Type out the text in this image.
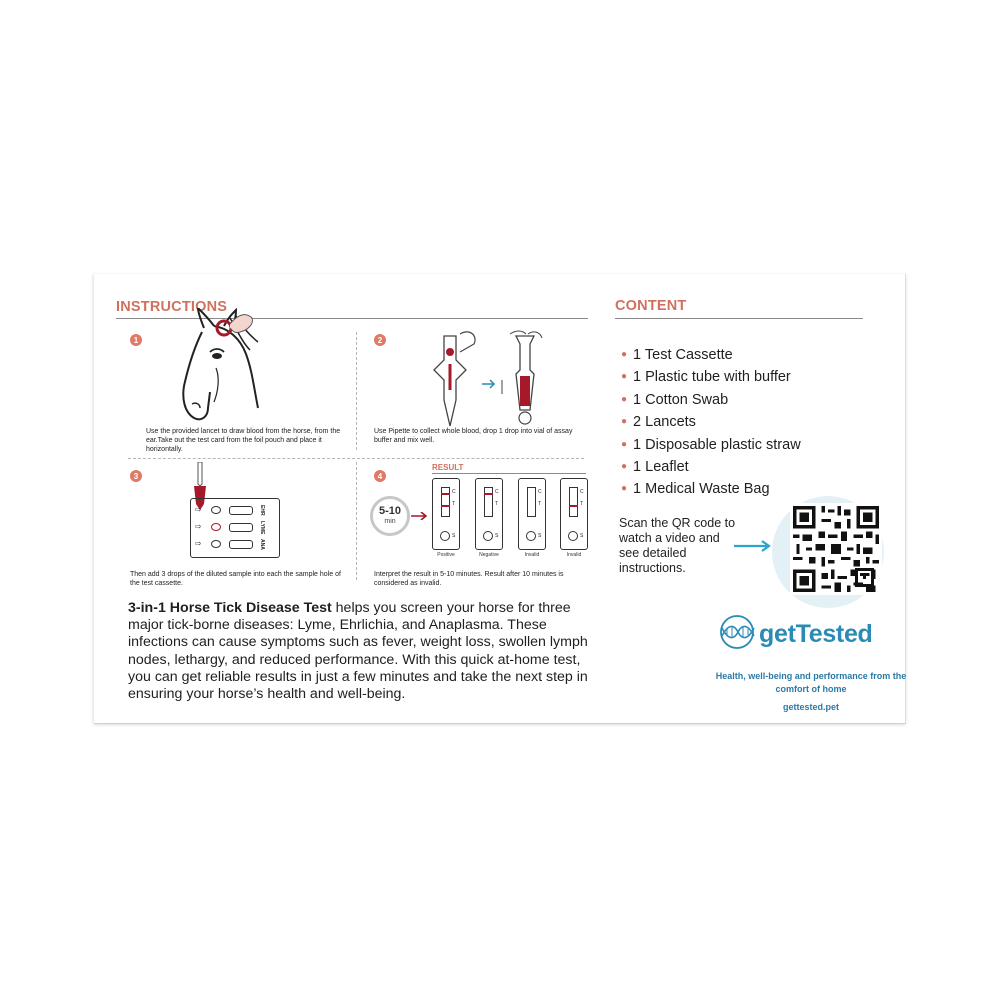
INSTRUCTIONS
1
Use the provided lancet to draw blood from the horse, from the ear.Take out the test card from the foil pouch and place it horizontally.
2
Use Pipette to collect whole blood, drop 1 drop into vial of assay buffer and mix well.
3
⇨
⇨
⇨
EHR
LYME
ANA
Then add 3 drops of the diluted sample into each the sample hole of the test cassette.
4
RESULT
5-10
min
C
T
S
C
T
S
C
T
S
C
T
S
Positive	Negative	Invalid	Invalid
Interpret the result in 5-10 minutes. Result after 10 minutes is considered as invalid.
3-in-1 Horse Tick Disease Test helps you screen your horse for three major tick-borne diseases: Lyme, Ehrlichia, and Anaplasma. These infections can cause symptoms such as fever, weight loss, swollen lymph nodes, lethargy, and reduced performance. With this quick at-home test, you can get reliable results in just a few minutes and take the next step in ensuring your horse’s health and well-being.
CONTENT
● 1 Test Cassette
● 1 Plastic tube with buffer
● 1 Cotton Swab
● 2 Lancets
● 1 Disposable plastic straw
● 1 Leaflet
● 1 Medical Waste Bag
Scan the QR code to watch a video and see detailed instructions.
getTested
Health, well-being and performance from the comfort of home
gettested.pet
